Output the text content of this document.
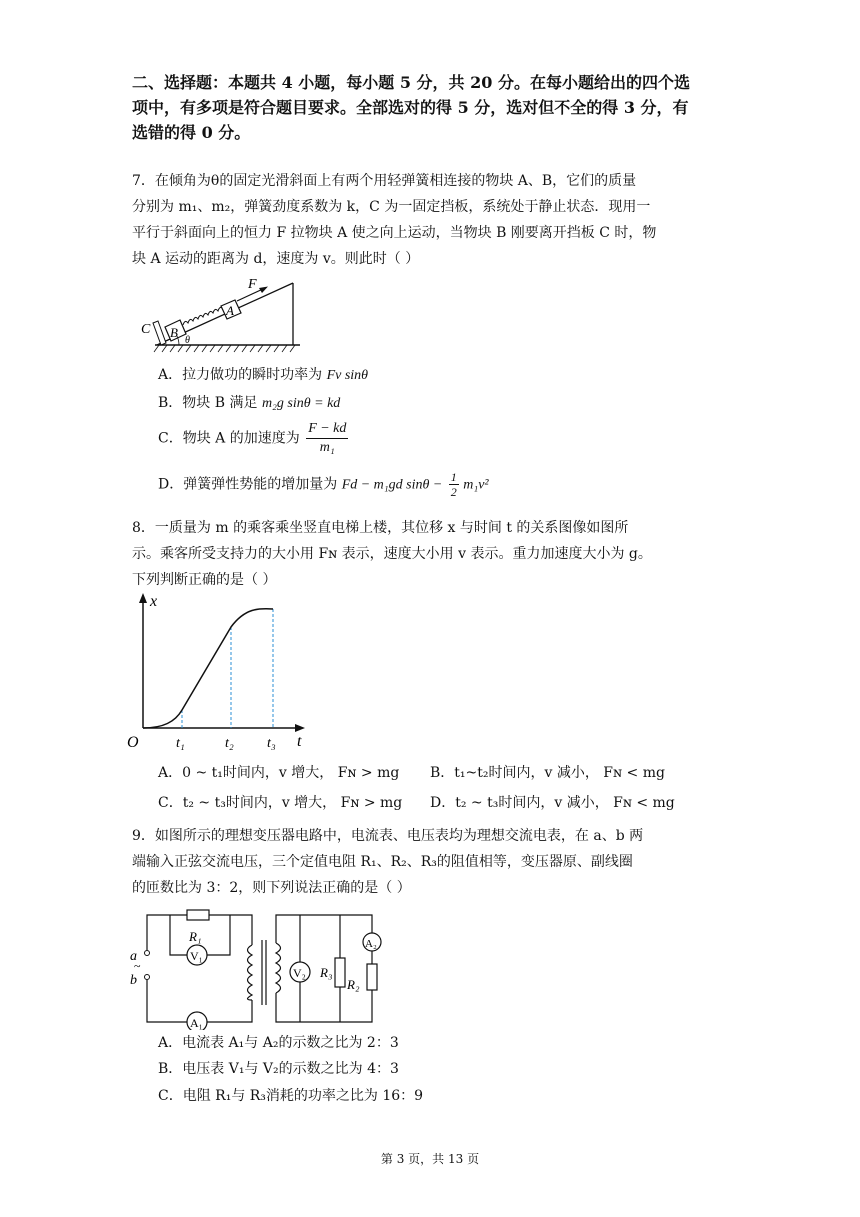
二、选择题：本题共 4 小题，每小题 5 分，共 20 分。在每小题给出的四个选
项中，有多项是符合题目要求。全部选对的得 5 分，选对但不全的得 3 分，有
选错的得 0 分。
7．在倾角为θ的固定光滑斜面上有两个用轻弹簧相连接的物块 A、B，它们的质量
分别为 m₁、m₂，弹簧劲度系数为 k，C 为一固定挡板，系统处于静止状态．现用一
平行于斜面向上的恒力 F 拉物块 A 使之向上运动，当物块 B 刚要离开挡板 C 时，物
块 A 运动的距离为 d，速度为 v。则此时（ ）
C B
A
F
θ
A．拉力做功的瞬时功率为 Fv sinθ
B．物块 B 满足 m₂g sinθ = kd
C．物块 A 的加速度为 $\frac{F - kd}{\text{m₁}}$
D．弹簧弹性势能的增加量为 Fd − m₁gd $\sin\theta - \frac{1}{2} m_1v^2$
8．一质量为 m 的乘客乘坐竖直电梯上楼，其位移 x 与时间 t 的关系图像如图所
示。乘客所受支持力的大小用 Fɴ 表示，速度大小用 v 表示。重力加速度大小为 g。
下列判断正确的是（ ）
x
t
O	t₁	t₂ t₃
A．0 ~ t₁时间内，v 增大， Fɴ > mg B．t₁~t₂时间内，v 减小， Fɴ < mg
C．t₂ ~ t₃时间内，v 增大， Fɴ > mg D．t₂ ~ t₃时间内，v 减小， Fɴ < mg
9．如图所示的理想变压器电路中，电流表、电压表均为理想交流电表，在 a、b 两
端输入正弦交流电压，三个定值电阻 R₁、R₂、R₃的阻值相等，变压器原、副线圈
的匝数比为 3：2，则下列说法正确的是（ ）
R₁
V₁
V₂
A₂
A₁
R₃
R₂
a
~
b
A．电流表 A₁与 A₂的示数之比为 2：3
B．电压表 V₁与 V₂的示数之比为 4：3
C．电阻 R₁与 R₃消耗的功率之比为 16：9
第 3 页，共 13 页
